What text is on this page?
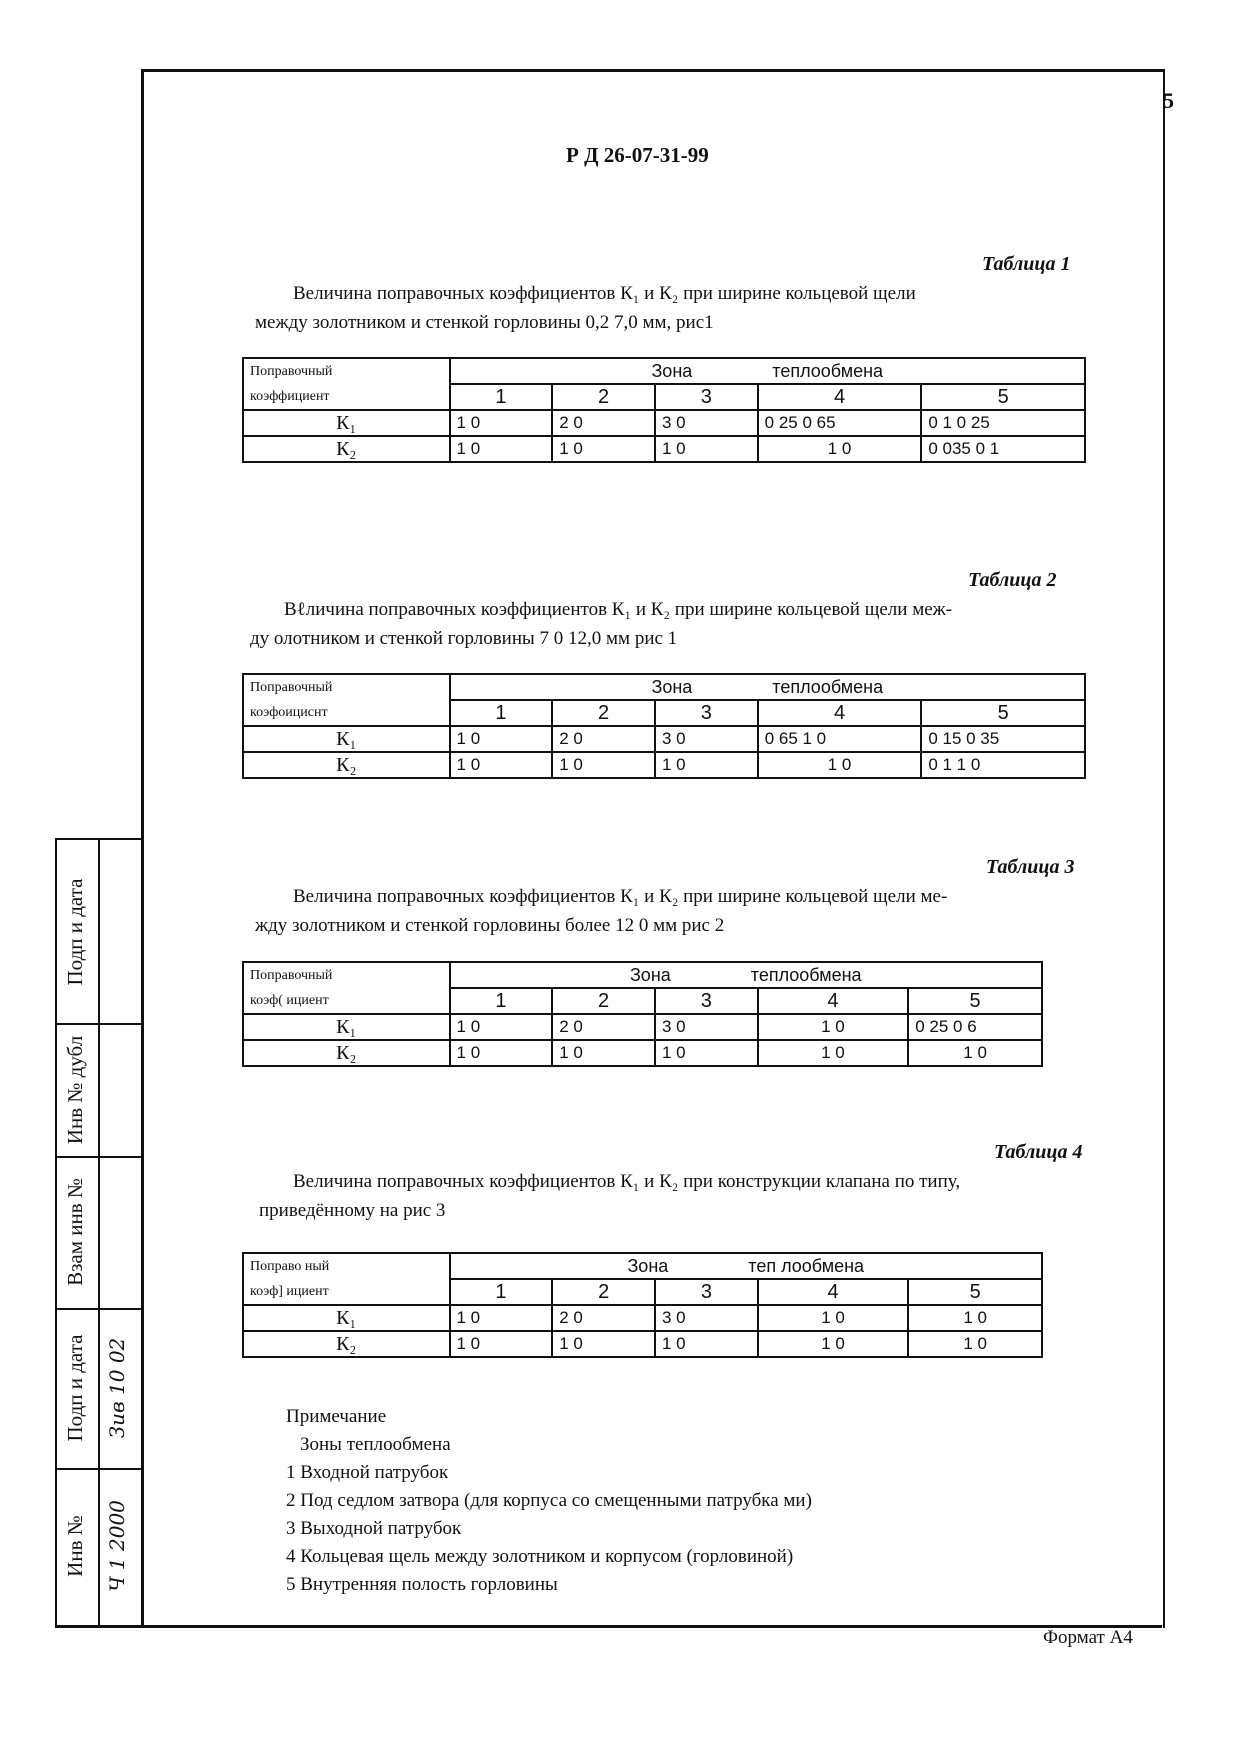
5
Р Д 26-07-31-99
Таблица 1

Величина поправочных коэффициентов К₁ и К₂ при ширине кольцевой щели

между золотником и стенкой горловины 0,2 7,0 мм, рис1

Поправочный	Зона теплообмена				
коэффициент	1	2	3	4	5
К₁	1 0	2 0	3 0	0 25 0 65	0 1 0 25
К₂	1 0	1 0	1 0	1 0	0 035 0 1
Таблица 2

Вℓличина поправочных коэффициентов К₁ и К₂ при ширине кольцевой щели меж-

ду олотником и стенкой горловины 7 0 12,0 мм рис 1

Поправочный	Зона теплообмена				
коэфоициснт	1	2	3	4	5
К₁	1 0	2 0	3 0	0 65 1 0	0 15 0 35
К₂	1 0	1 0	1 0	1 0	0 1 1 0
Таблица 3

Величина поправочных коэффициентов К₁ и К₂ при ширине кольцевой щели ме-

жду золотником и стенкой горловины более 12 0 мм рис 2

Поправочный	Зона теплообмена				
коэф( ициент	1	2	3	4	5
К₁	1 0	2 0	3 0	1 0	0 25 0 6
К₂	1 0	1 0	1 0	1 0	1 0
Таблица 4

Величина поправочных коэффициентов К₁ и К₂ при конструкции клапана по типу,

приведённому на рис 3

Поправо ный	Зона теп лообмена				
коэф] ициент	1	2	3	4	5
К₁	1 0	2 0	3 0	1 0	1 0
К₂	1 0	1 0	1 0	1 0	1 0

Примечание

Зоны теплообмена

1 Входной патрубок

2 Под седлом затвора (для корпуса со смещенными патрубка ми)

3 Выходной патрубок

4 Кольцевая щель между золотником и корпусом (горловиной)

5 Внутренняя полость горловины

Подп и дата
Инв № дубл
Взам инв №
Подп и дата
Инв №
Зив 10 02
Ч 1 2000
Формат А4
